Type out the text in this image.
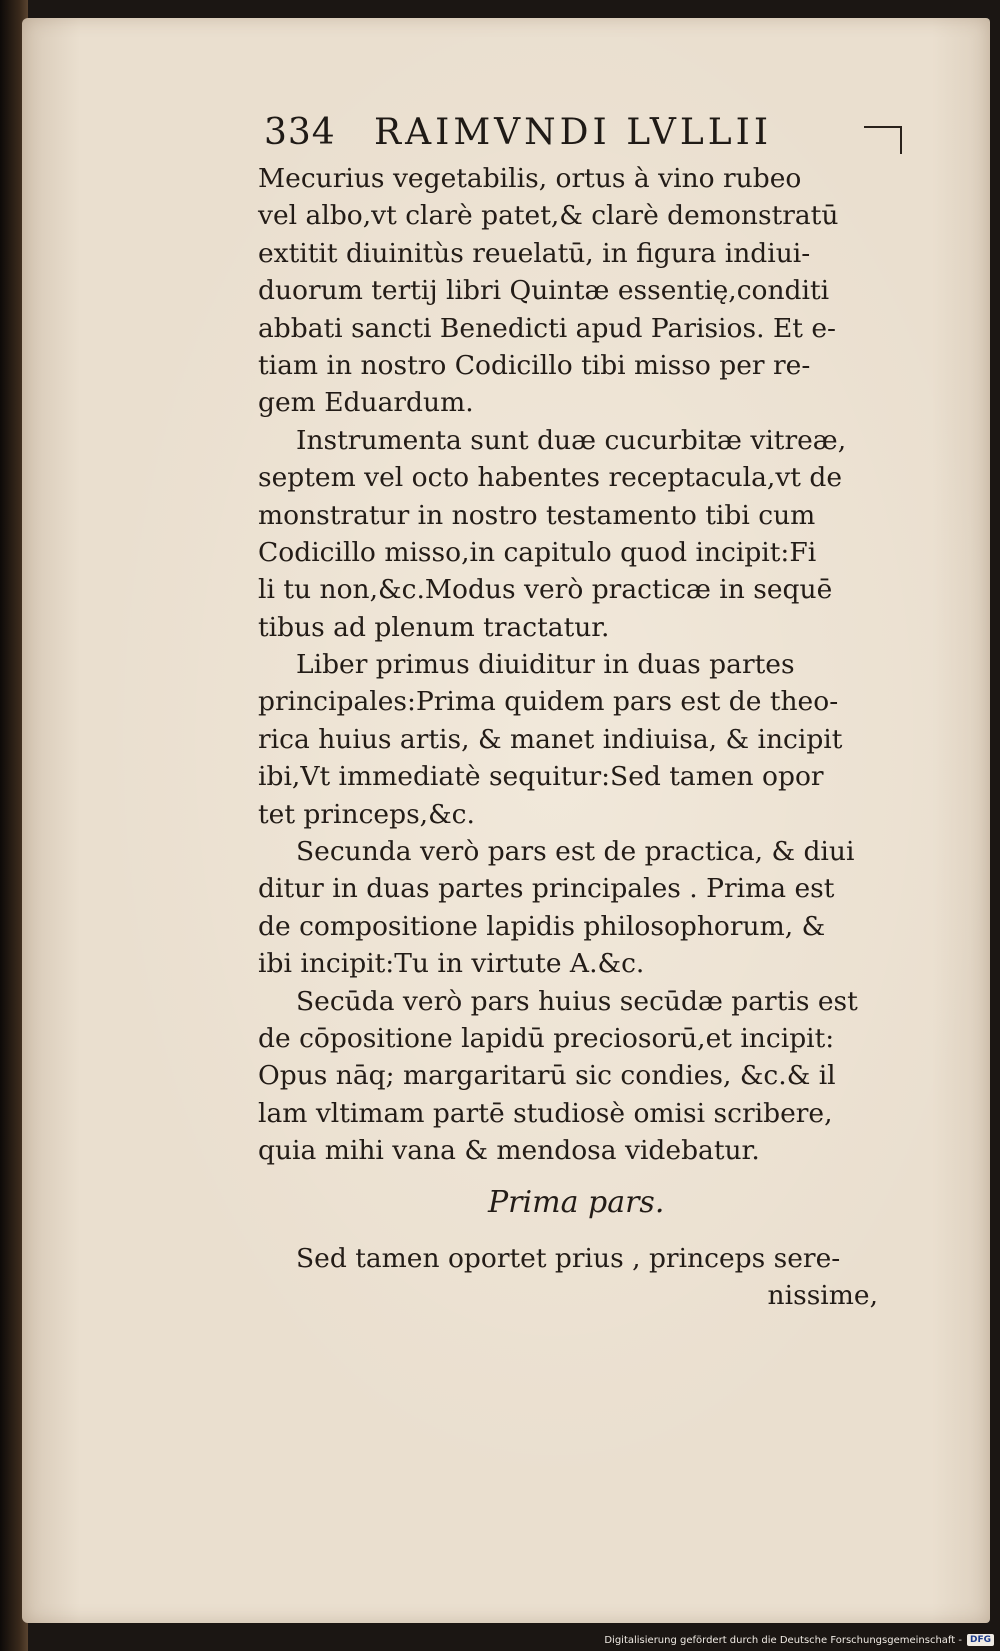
334 RAIMVNDI LVLLII
Mecurius vegetabilis, ortus à vino rubeo
vel albo,vt clarè patet,& clarè demonstratū
extitit diuinitùs reuelatū, in figura indiui-
duorum tertij libri Quintæ essentię,conditi
abbati sancti Benedicti apud Parisios. Et e-
tiam in nostro Codicillo tibi misso per re-
gem Eduardum.
Instrumenta sunt duæ cucurbitæ vitreæ,
septem vel octo habentes receptacula,vt de
monstratur in nostro testamento tibi cum
Codicillo misso,in capitulo quod incipit:Fi
li tu non,&c.Modus verò practicæ in sequē
tibus ad plenum tractatur.
Liber primus diuiditur in duas partes
principales:Prima quidem pars est de theo-
rica huius artis, & manet indiuisa, & incipit
ibi,Vt immediatè sequitur:Sed tamen opor
tet princeps,&c.
Secunda verò pars est de practica, & diui
ditur in duas partes principales . Prima est
de compositione lapidis philosophorum, &
ibi incipit:Tu in virtute A.&c.
Secūda verò pars huius secūdæ partis est
de cōpositione lapidū preciosorū,et incipit:
Opus nāq; margaritarū sic condies, &c.& il
lam vltimam partē studiosè omisi scribere,
quia mihi vana & mendosa videbatur.
Prima pars.
Sed tamen oportet prius , princeps sere-
nissime,
Digitalisierung gefördert durch die Deutsche Forschungsgemeinschaft - DFG
